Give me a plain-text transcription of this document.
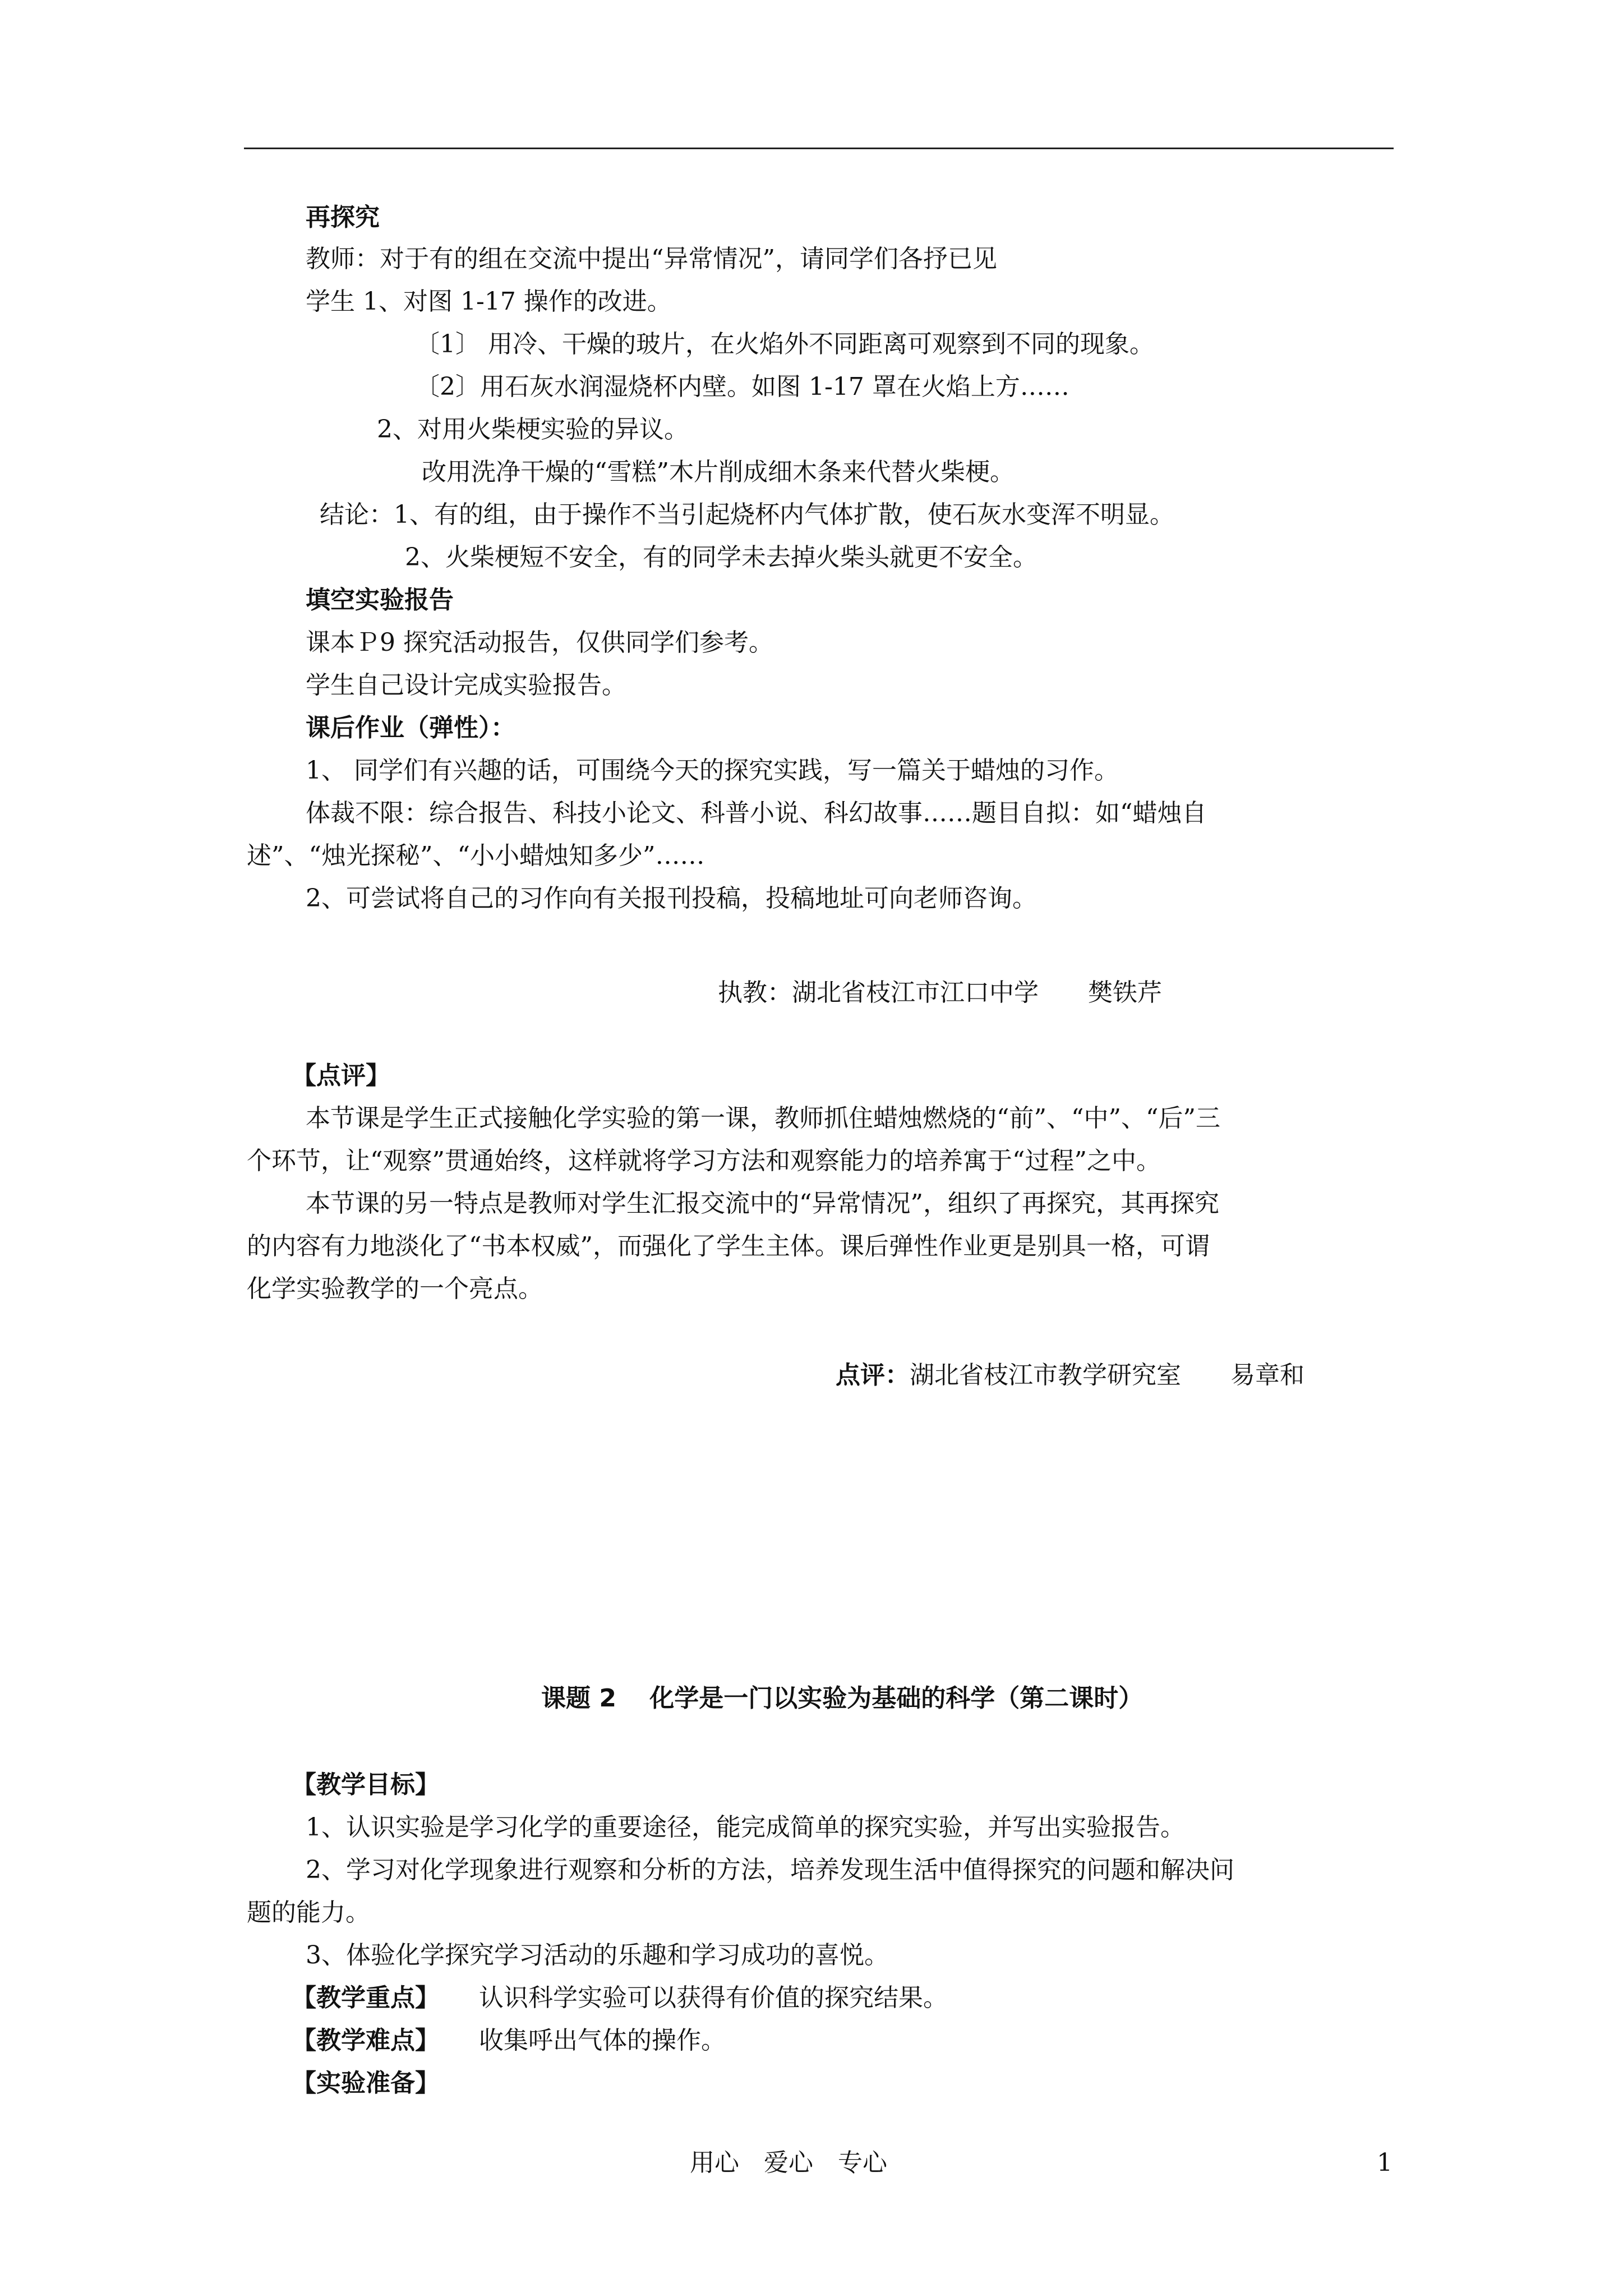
再探究
教师：对于有的组在交流中提出“异常情况”，请同学们各抒已见
学生 1、对图 1-17 操作的改进。
〔1〕 用冷、干燥的玻片，在火焰外不同距离可观察到不同的现象。
〔2〕用石灰水润湿烧杯内壁。如图 1-17 罩在火焰上方……
2、对用火柴梗实验的异议。
改用洗净干燥的“雪糕”木片削成细木条来代替火柴梗。
结论：1、有的组，由于操作不当引起烧杯内气体扩散，使石灰水变浑不明显。
2、火柴梗短不安全，有的同学未去掉火柴头就更不安全。
填空实验报告
课本Ｐ9 探究活动报告，仅供同学们参考。
学生自己设计完成实验报告。
课后作业（弹性）：
1、 同学们有兴趣的话，可围绕今天的探究实践，写一篇关于蜡烛的习作。
体裁不限：综合报告、科技小论文、科普小说、科幻故事……题目自拟：如“蜡烛自
述”、“烛光探秘”、“小小蜡烛知多少”……
2、可尝试将自己的习作向有关报刊投稿，投稿地址可向老师咨询。
执教：湖北省枝江市江口中学　　樊铁芹
【点评】
本节课是学生正式接触化学实验的第一课，教师抓住蜡烛燃烧的“前”、“中”、“后”三
个环节，让“观察”贯通始终，这样就将学习方法和观察能力的培养寓于“过程”之中。
本节课的另一特点是教师对学生汇报交流中的“异常情况”，组织了再探究，其再探究
的内容有力地淡化了“书本权威”，而强化了学生主体。课后弹性作业更是别具一格，可谓
化学实验教学的一个亮点。
点评：湖北省枝江市教学研究室　　易章和
课题 2　 化学是一门以实验为基础的科学（第二课时）
【教学目标】
1、认识实验是学习化学的重要途径，能完成简单的探究实验，并写出实验报告。
2、学习对化学现象进行观察和分析的方法，培养发现生活中值得探究的问题和解决问
题的能力。
3、体验化学探究学习活动的乐趣和学习成功的喜悦。
【教学重点】 认识科学实验可以获得有价值的探究结果。
【教学难点】 收集呼出气体的操作。
【实验准备】
用心　爱心　专心	1
